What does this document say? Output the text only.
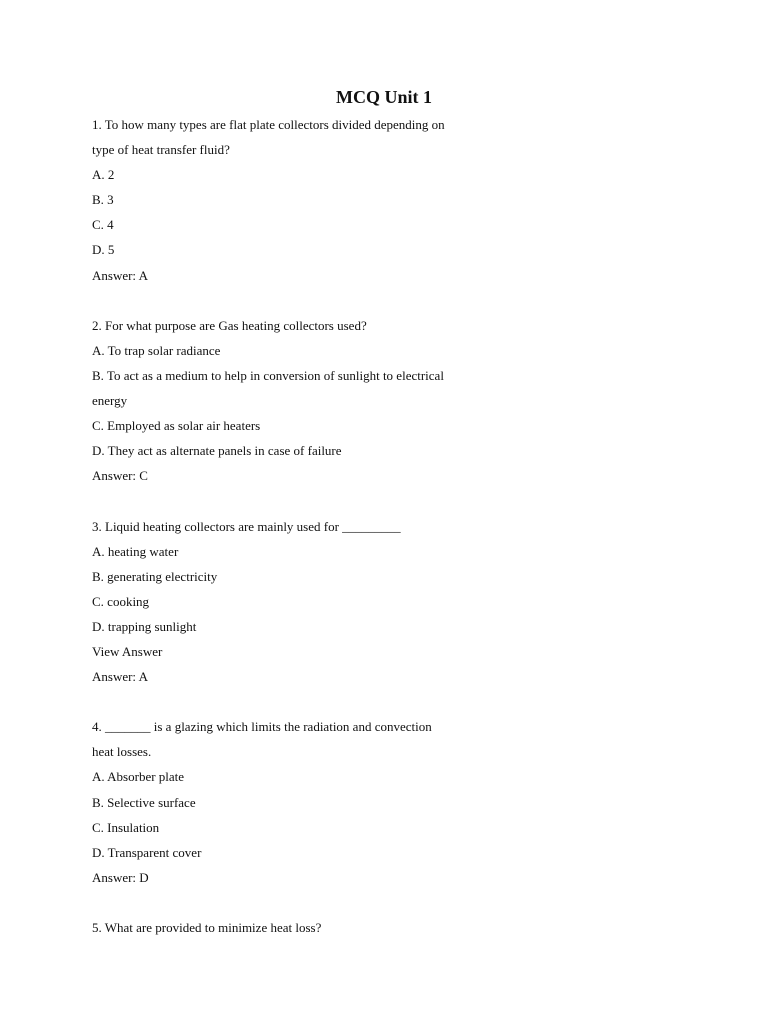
MCQ Unit 1
1. To how many types are flat plate collectors divided depending on
type of heat transfer fluid?
A. 2
B. 3
C. 4
D. 5
Answer: A
2. For what purpose are Gas heating collectors used?
A. To trap solar radiance
B. To act as a medium to help in conversion of sunlight to electrical
energy
C. Employed as solar air heaters
D. They act as alternate panels in case of failure
Answer: C
3. Liquid heating collectors are mainly used for _________
A. heating water
B. generating electricity
C. cooking
D. trapping sunlight
View Answer
Answer: A
4. _______ is a glazing which limits the radiation and convection
heat losses.
A. Absorber plate
B. Selective surface
C. Insulation
D. Transparent cover
Answer: D
5. What are provided to minimize heat loss?
